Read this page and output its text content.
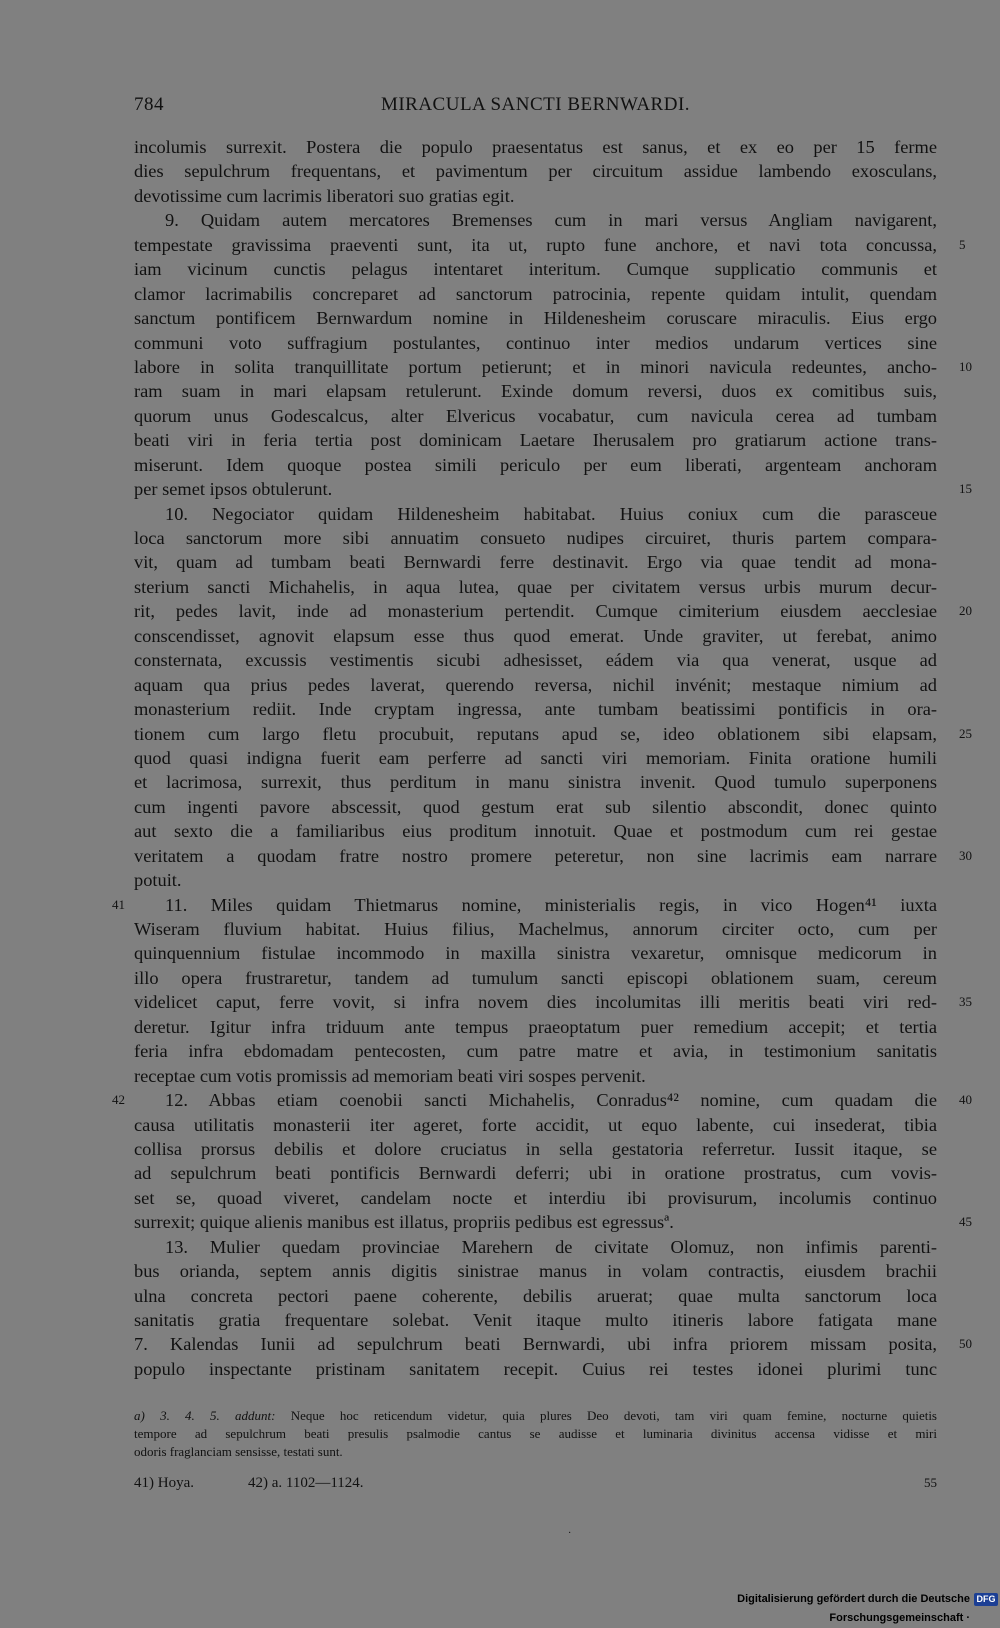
784	MIRACULA SANCTI BERNWARDI.
incolumis surrexit. Postera die populo praesentatus est sanus, et ex eo per 15 ferme
dies sepulchrum frequentans, et pavimentum per circuitum assidue lambendo exosculans,
devotissime cum lacrimis liberatori suo gratias egit.
9. Quidam autem mercatores Bremenses cum in mari versus Angliam navigarent,
tempestate gravissima praeventi sunt, ita ut, rupto fune anchore, et navi tota concussa, 5
iam vicinum cunctis pelagus intentaret interitum. Cumque supplicatio communis et
clamor lacrimabilis concreparet ad sanctorum patrocinia, repente quidam intulit, quendam
sanctum pontificem Bernwardum nomine in Hildenesheim coruscare miraculis. Eius ergo
communi voto suffragium postulantes, continuo inter medios undarum vertices sine
labore in solita tranquillitate portum petierunt; et in minori navicula redeuntes, ancho- 10
ram suam in mari elapsam retulerunt. Exinde domum reversi, duos ex comitibus suis,
quorum unus Godescalcus, alter Elvericus vocabatur, cum navicula cerea ad tumbam
beati viri in feria tertia post dominicam Laetare Iherusalem pro gratiarum actione trans-
miserunt. Idem quoque postea simili periculo per eum liberati, argenteam anchoram
per semet ipsos obtulerunt.	15
10. Negociator quidam Hildenesheim habitabat. Huius coniux cum die parasceue
loca sanctorum more sibi annuatim consueto nudipes circuiret, thuris partem compara-
vit, quam ad tumbam beati Bernwardi ferre destinavit. Ergo via quae tendit ad mona-
sterium sancti Michahelis, in aqua lutea, quae per civitatem versus urbis murum decur-
rit, pedes lavit, inde ad monasterium pertendit. Cumque cimiterium eiusdem aecclesiae 20
conscendisset, agnovit elapsum esse thus quod emerat. Unde graviter, ut ferebat, animo
consternata, excussis vestimentis sicubi adhesisset, eádem via qua venerat, usque ad
aquam qua prius pedes laverat, querendo reversa, nichil invénit; mestaque nimium ad
monasterium rediit. Inde cryptam ingressa, ante tumbam beatissimi pontificis in ora-
tionem cum largo fletu procubuit, reputans apud se, ideo oblationem sibi elapsam, 25
quod quasi indigna fuerit eam perferre ad sancti viri memoriam. Finita oratione humili
et lacrimosa, surrexit, thus perditum in manu sinistra invenit. Quod tumulo superponens
cum ingenti pavore abscessit, quod gestum erat sub silentio abscondit, donec quinto
aut sexto die a familiaribus eius proditum innotuit. Quae et postmodum cum rei gestae
veritatem a quodam fratre nostro promere peteretur, non sine lacrimis eam narrare 30
potuit.
41	11. Miles quidam Thietmarus nomine, ministerialis regis, in vico Hogen⁴¹ iuxta
Wiseram fluvium habitat. Huius filius, Machelmus, annorum circiter octo, cum per
quinquennium fistulae incommodo in maxilla sinistra vexaretur, omnisque medicorum in
illo opera frustraretur, tandem ad tumulum sancti episcopi oblationem suam, cereum
videlicet caput, ferre vovit, si infra novem dies incolumitas illi meritis beati viri red- 35
deretur. Igitur infra triduum ante tempus praeoptatum puer remedium accepit; et tertia
feria infra ebdomadam pentecosten, cum patre matre et avia, in testimonium sanitatis
receptae cum votis promissis ad memoriam beati viri sospes pervenit.
42	12. Abbas etiam coenobii sancti Michahelis, Conradus⁴² nomine, cum quadam die 40
causa utilitatis monasterii iter ageret, forte accidit, ut equo labente, cui insederat, tibia
collisa prorsus debilis et dolore cruciatus in sella gestatoria referretur. Iussit itaque, se
ad sepulchrum beati pontificis Bernwardi deferri; ubi in oratione prostratus, cum vovis-
set se, quoad viveret, candelam nocte et interdiu ibi provisurum, incolumis continuo
surrexit; quique alienis manibus est illatus, propriis pedibus est egressusª.	45
13. Mulier quedam provinciae Marehern de civitate Olomuz, non infimis parenti-
bus orianda, septem annis digitis sinistrae manus in volam contractis, eiusdem brachii
ulna concreta pectori paene coherente, debilis aruerat; quae multa sanctorum loca
sanitatis gratia frequentare solebat. Venit itaque multo itineris labore fatigata mane
7. Kalendas Iunii ad sepulchrum beati Bernwardi, ubi infra priorem missam posita, 50
populo inspectante pristinam sanitatem recepit. Cuius rei testes idonei plurimi tunc
a) 3. 4. 5. addunt: Neque hoc reticendum videtur, quia plures Deo devoti, tam viri quam femine, nocturne quietis
tempore ad sepulchrum beati presulis psalmodie cantus se audisse et luminaria divinitus accensa vidisse et miri
odoris fraglanciam sensisse, testati sunt.
41) Hoya.	42) a. 1102—1124.	55
·
Digitalisierung gefördert durch die Deutsche Forschungsgemeinschaft ·
DFG
